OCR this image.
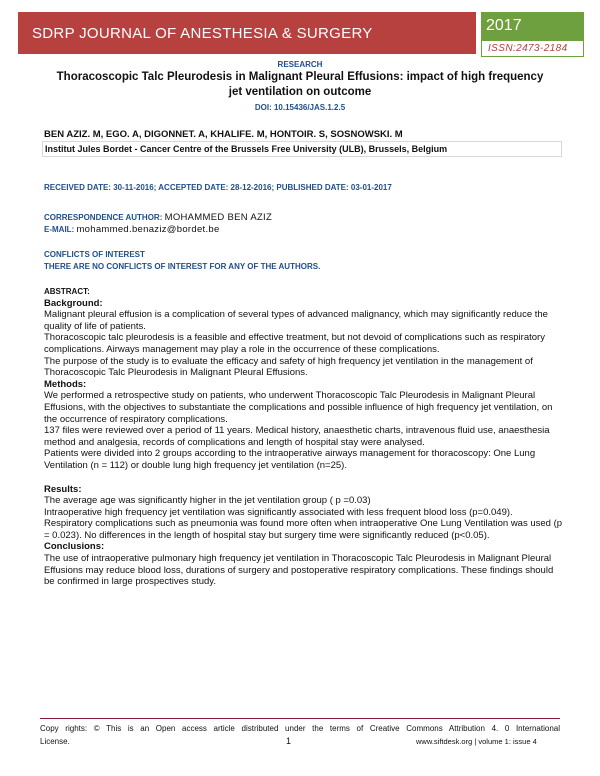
SDRP JOURNAL OF ANESTHESIA & SURGERY	2017
ISSN:2473-2184
RESEARCH
Thoracoscopic Talc Pleurodesis in Malignant Pleural Effusions: impact of high frequency jet ventilation on outcome
DOI: 10.15436/JAS.1.2.5
BEN AZIZ. M, EGO. A, DIGONNET. A, KHALIFE. M, HONTOIR. S, SOSNOWSKI. M
Institut Jules Bordet - Cancer Centre of the Brussels Free University (ULB), Brussels, Belgium
RECEIVED DATE: 30-11-2016; ACCEPTED DATE: 28-12-2016; PUBLISHED DATE: 03-01-2017
CORRESPONDENCE AUTHOR: MOHAMMED BEN AZIZ
E-MAIL: mohammed.benaziz@bordet.be
CONFLICTS OF INTEREST
THERE ARE NO CONFLICTS OF INTEREST FOR ANY OF THE AUTHORS.

ABSTRACT:

Background:

Malignant pleural effusion is a complication of several types of advanced malignancy, which may significantly reduce the quality of life of patients.

Thoracoscopic talc pleurodesis is a feasible and effective treatment, but not devoid of complications such as respiratory complications. Airways management may play a role in the occurrence of these complications.

The purpose of the study is to evaluate the efficacy and safety of high frequency jet ventilation in the management of Thoracoscopic Talc Pleurodesis in Malignant Pleural Effusions.

Methods:

We performed a retrospective study on patients, who underwent Thoracoscopic Talc Pleurodesis in Malignant Pleural Effusions, with the objectives to substantiate the complications and possible influence of high frequency jet ventilation, on the occurrence of respiratory complications.

137 files were reviewed over a period of 11 years. Medical history, anaesthetic charts, intravenous fluid use, anaesthesia method and analgesia, records of complications and length of hospital stay were analysed.

Patients were divided into 2 groups according to the intraoperative airways management for thoracoscopy: One Lung Ventilation (n = 112) or double lung high frequency jet ventilation (n=25).

Results:

The average age was significantly higher in the jet ventilation group ( p =0.03)

Intraoperative high frequency jet ventilation was significantly associated with less frequent blood loss (p=0.049).

Respiratory complications such as pneumonia was found more often when intraoperative One Lung Ventilation was used (p = 0.023). No differences in the length of hospital stay but surgery time were significantly reduced (p<0.05).

Conclusions:

The use of intraoperative pulmonary high frequency jet ventilation in Thoracoscopic Talc Pleurodesis in Malignant Pleural Effusions may reduce blood loss, durations of surgery and postoperative respiratory complications. These findings should be confirmed in large prospectives study.

Copy rights: © This is an Open access article distributed under the terms of Creative Commons Attribution 4. 0 International
License.	1	www.siftdesk.org | volume 1: issue 4
